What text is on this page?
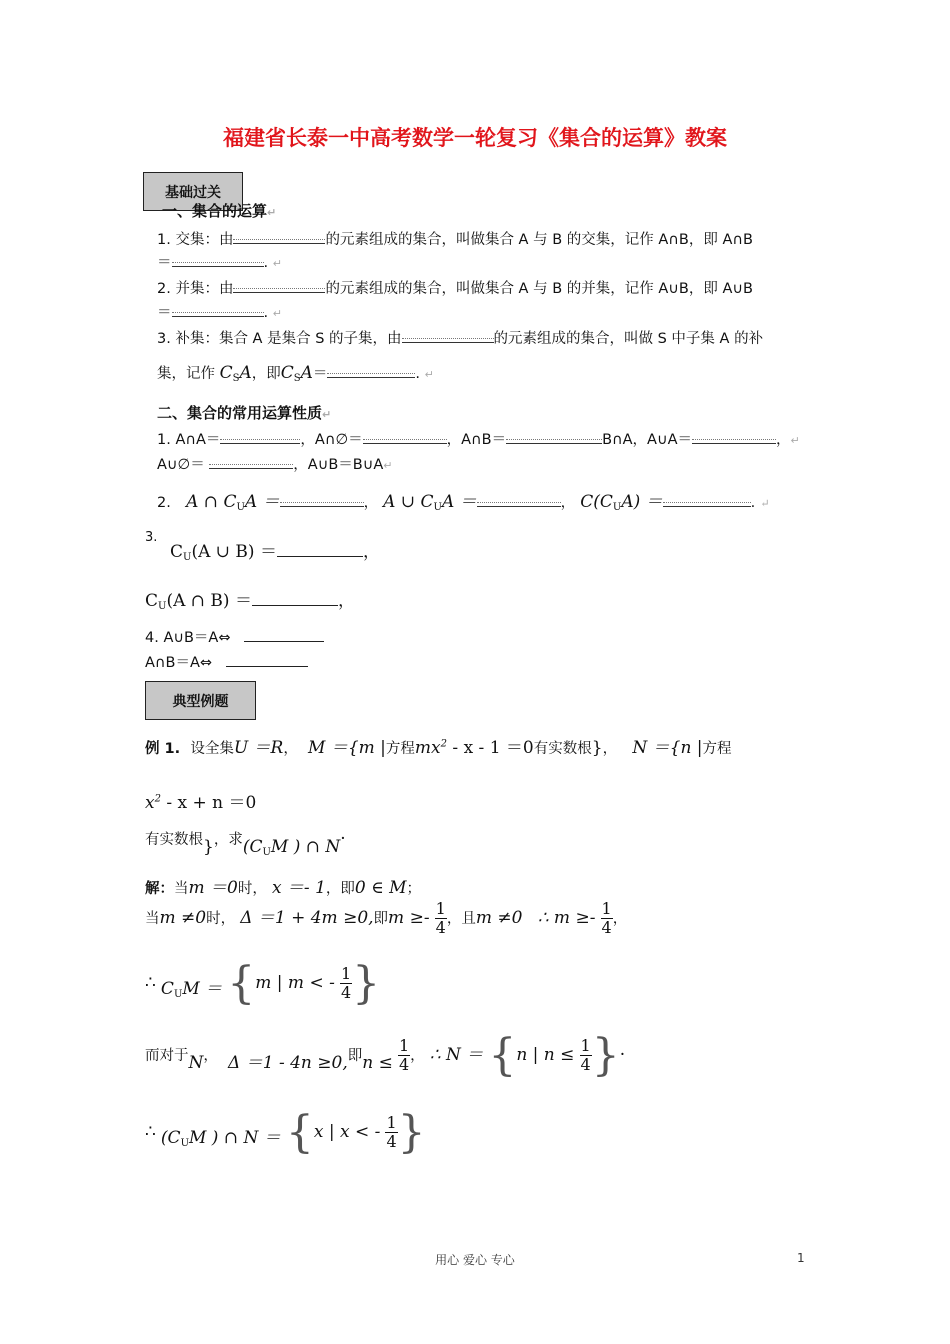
福建省长泰一中高考数学一轮复习《集合的运算》教案
基础过关
一、集合的运算↵
1. 交集：由	的元素组成的集合，叫做集合 A 与 B 的交集，记作 A∩B，即 A∩B
＝	. ↵
2. 并集：由	的元素组成的集合，叫做集合 A 与 B 的并集，记作 A∪B，即 A∪B
＝	. ↵
3. 补集：集合 A 是集合 S 的子集，由	的元素组成的集合，叫做 S 中子集 A 的补
集，记作 $C_SA$，即$C_SA=$	. ↵
二、集合的常用运算性质↵
1. A∩A＝	，A∩∅＝	，A∩B＝	B∩A，A∪A＝	，↵
A∪∅＝	，A∪B＝B∪A↵
2. A ∩ $C_UA$ ＝	， A ∪ $C_UA$ ＝	， $C(C_UA)$ ＝	. ↵
3.
$C_U(A$ ∪ B) ＝	，
$C_U(A$ ∩ B) ＝	，
4. A∪B＝A⇔
A∩B＝A⇔
典型例题
例 1. 设全集U ＝R， M ＝{m |方程$mx^2 - x - 1 =0$有实数根}， N ＝{n |方程
$x^2 - x + n =0$
有实数根}，求($C_UM$ ) ∩ N·
解：当m ＝0时， x ＝- 1，即0 ∈ M；
当m ≠0时， Δ ＝1 + 4m ≥0,即$m \ge- \frac{1}{4}$ ，且m ≠0 ∴ $m \ge- \frac{1}{4}$ ，
∴ $C_UM = \{m$ | m < - $\frac{1}{4}$ }
而对于N， Δ ＝1 - 4n ≥0,即$n \le \frac{1}{4}$ ， ∴ N ＝ {n | $n \le \frac{1}{4}$ }·
∴ ($C_UM$ ) ∩ N ＝ {x | x < - $\frac{1}{4}$ }
用心 爱心 专心	1
